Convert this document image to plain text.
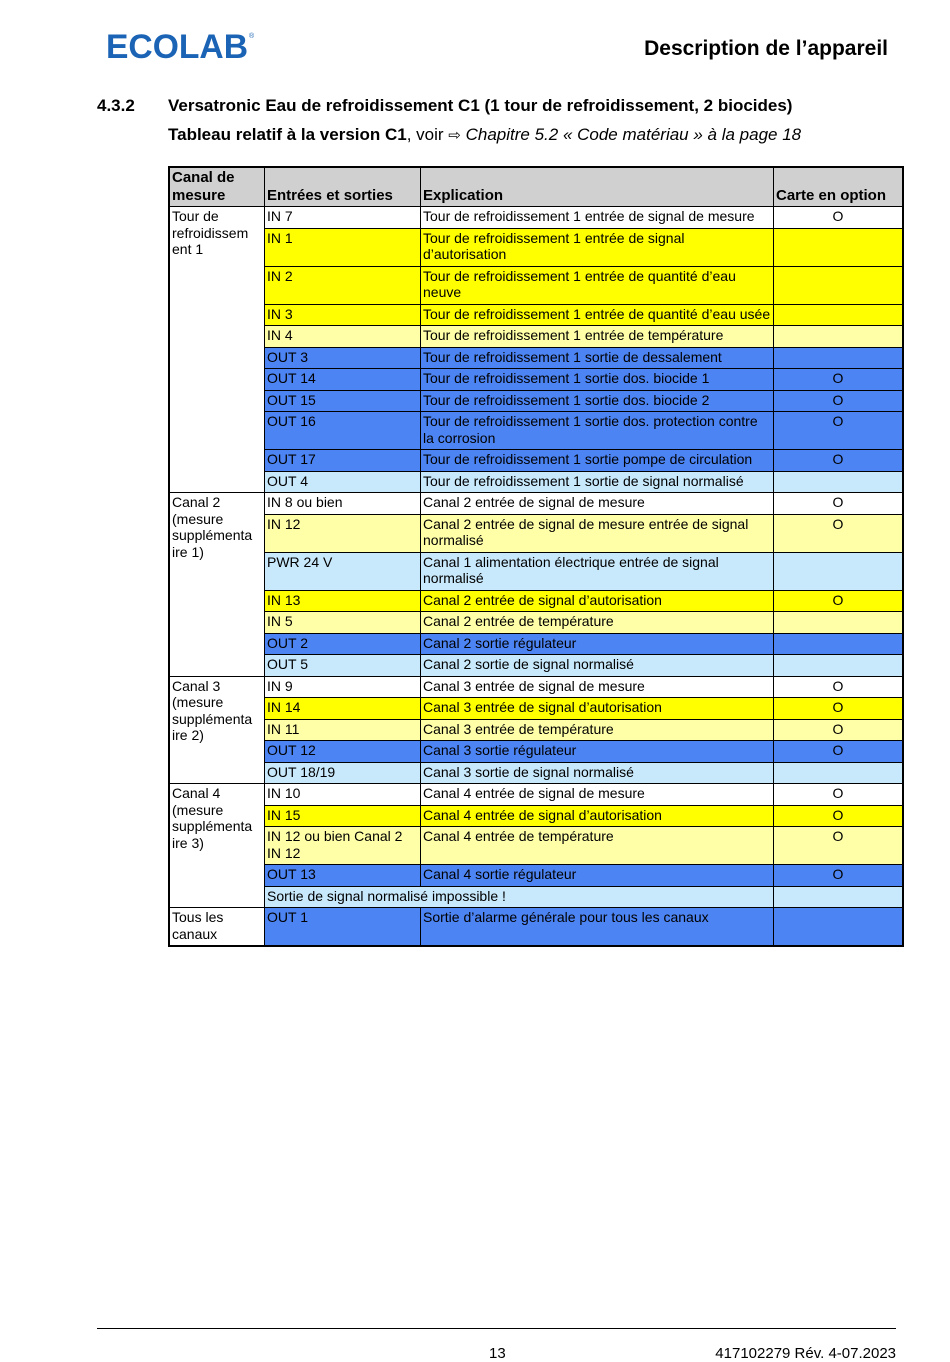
ECOLAB ®
Description de l’appareil
4.3.2 Versatronic Eau de refroidissement C1 (1 tour de refroidissement, 2 biocides)
Tableau relatif à la version C1, voir ⇨ Chapitre 5.2 « Code matériau » à la page 18
Canal de mesure	Entrées et sorties	Explication	Carte en option
Tour de refroidissem ent 1	IN 7	Tour de refroidissement 1 entrée de signal de mesure	O
	IN 1	Tour de refroidissement 1 entrée de signal d’autorisation	
	IN 2	Tour de refroidissement 1 entrée de quantité d’eau neuve	
	IN 3	Tour de refroidissement 1 entrée de quantité d’eau usée	
	IN 4	Tour de refroidissement 1 entrée de température	
	OUT 3	Tour de refroidissement 1 sortie de dessalement	
	OUT 14	Tour de refroidissement 1 sortie dos. biocide 1	O
	OUT 15	Tour de refroidissement 1 sortie dos. biocide 2	O
	OUT 16	Tour de refroidissement 1 sortie dos. protection contre la corrosion	O
	OUT 17	Tour de refroidissement 1 sortie pompe de circulation	O
	OUT 4	Tour de refroidissement 1 sortie de signal normalisé	
Canal 2 (mesure supplémenta ire 1)	IN 8 ou bien	Canal 2 entrée de signal de mesure	O
	IN 12	Canal 2 entrée de signal de mesure entrée de signal normalisé	O
	PWR 24 V	Canal 1 alimentation électrique entrée de signal normalisé	
	IN 13	Canal 2 entrée de signal d’autorisation	O
	IN 5	Canal 2 entrée de température	
	OUT 2	Canal 2 sortie régulateur	
	OUT 5	Canal 2 sortie de signal normalisé	
Canal 3 (mesure supplémenta ire 2)	IN 9	Canal 3 entrée de signal de mesure	O
	IN 14	Canal 3 entrée de signal d’autorisation	O
	IN 11	Canal 3 entrée de température	O
	OUT 12	Canal 3 sortie régulateur	O
	OUT 18/19	Canal 3 sortie de signal normalisé	
Canal 4 (mesure supplémenta ire 3)	IN 10	Canal 4 entrée de signal de mesure	O
	IN 15	Canal 4 entrée de signal d’autorisation	O
	IN 12 ou bien Canal 2 IN 12	Canal 4 entrée de température	O
	OUT 13	Canal 4 sortie régulateur	O
	Sortie de signal normalisé impossible !		
Tous les canaux	OUT 1	Sortie d’alarme générale pour tous les canaux	
13	417102279 Rév. 4-07.2023
